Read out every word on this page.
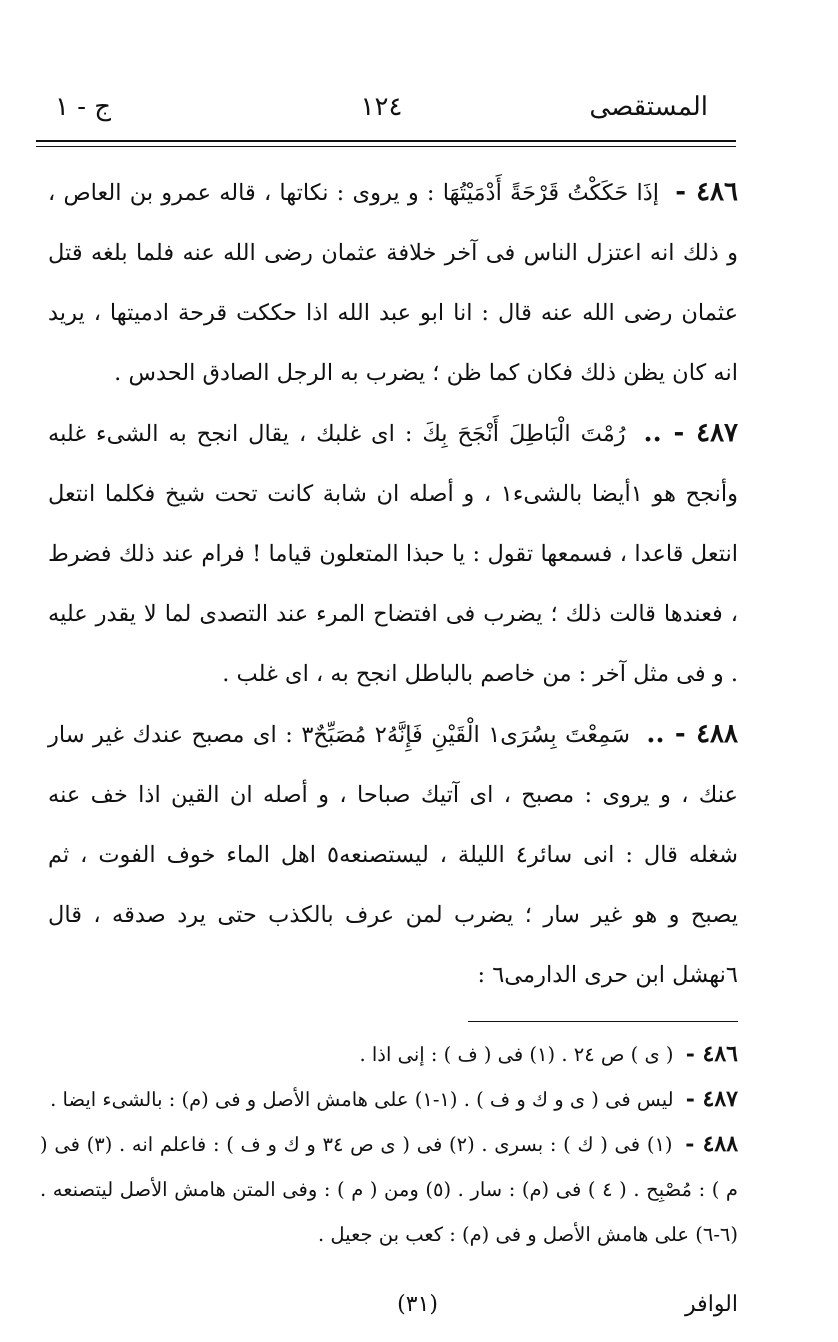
المستقصى
١٢٤
ج - ١

٤٨٦ - إذَا حَكَكْتُ قَرْحَةً أَدْمَيْتُهَا : و يروى : نكاتها ، قاله عمرو بن العاص ، و ذلك انه اعتزل الناس فى آخر خلافة عثمان رضى الله عنه فلما بلغه قتل عثمان رضى الله عنه قال : انا ابو عبد الله اذا حككت قرحة ادميتها ، يريد انه كان يظن ذلك فكان كما ظن ؛ يضرب به الرجل الصادق الحدس .

٤٨٧ - .. رُمْتَ الْبَاطِلَ أَنْجَحَ بِكَ : اى غلبك ، يقال انجح به الشىء غلبه وأنجح هو ١أيضا بالشىء١ ، و أصله ان شابة كانت تحت شيخ فكلما انتعل انتعل قاعدا ، فسمعها تقول : يا حبذا المتعلون قياما ! فرام عند ذلك فضرط ، فعندها قالت ذلك ؛ يضرب فى افتضاح المرء عند التصدى لما لا يقدر عليه . و فى مثل آخر : من خاصم بالباطل انجح به ، اى غلب .

٤٨٨ - .. سَمِعْتَ بِسُرَى١ الْقَيْنِ فَإِنَّهُ٢ مُصَبِّحٌ٣ : اى مصبح عندك غير سار عنك ، و يروى : مصبح ، اى آتيك صباحا ، و أصله ان القين اذا خف عنه شغله قال : انى سائر٤ الليلة ، ليستصنعه٥ اهل الماء خوف الفوت ، ثم يصبح و هو غير سار ؛ يضرب لمن عرف بالكذب حتى يرد صدقه ، قال ٦نهشل ابن حرى الدارمى٦ :

٤٨٦ - ( ى ) ص ٢٤ . (١) فى ( ف ) : إنى اذا .

٤٨٧ - ليس فى ( ى و ك و ف ) . (١-١) على هامش الأصل و فى (م) : بالشىء ايضا .

٤٨٨ - (١) فى ( ك ) : بسرى . (٢) فى ( ى ص ٣٤ و ك و ف ) : فاعلم انه . (٣) فى ( م ) : مُصْبِح . ( ٤ ) فى (م) : سار . (٥) ومن ( م ) : وفى المتن هامش الأصل ليتصنعه . (٦-٦) على هامش الأصل و فى (م) : كعب بن جعيل .

الوافر
(٣١)
